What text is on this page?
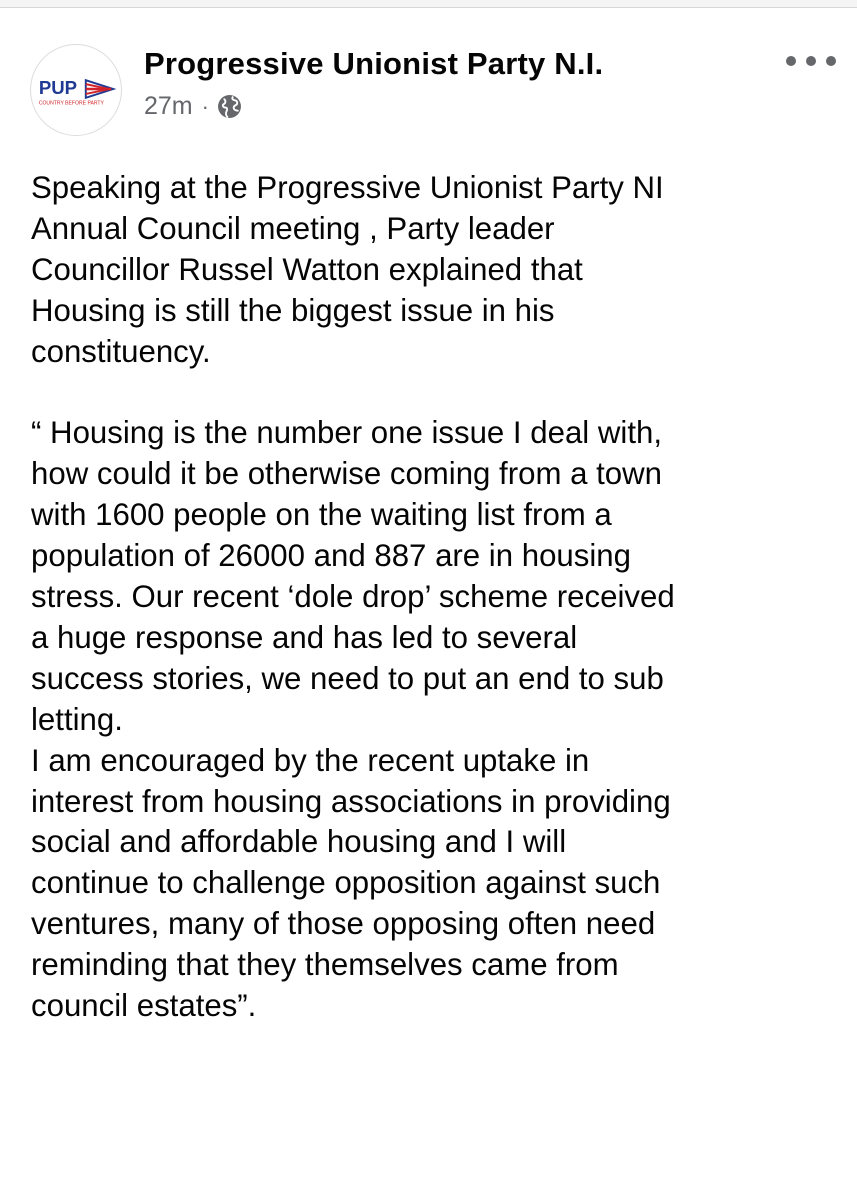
PUP
COUNTRY BEFORE PARTY
Progressive Unionist Party N.I.
27m ·

Speaking at the Progressive Unionist Party NI
Annual Council meeting , Party leader
Councillor Russel Watton explained that
Housing is still the biggest issue in his
constituency.

“ Housing is the number one issue I deal with,
how could it be otherwise coming from a town
with 1600 people on the waiting list from a
population of 26000 and 887 are in housing
stress. Our recent ‘dole drop’ scheme received
a huge response and has led to several
success stories, we need to put an end to sub
letting.

I am encouraged by the recent uptake in
interest from housing associations in providing
social and affordable housing and I will
continue to challenge opposition against such
ventures, many of those opposing often need
reminding that they themselves came from
council estates”.
